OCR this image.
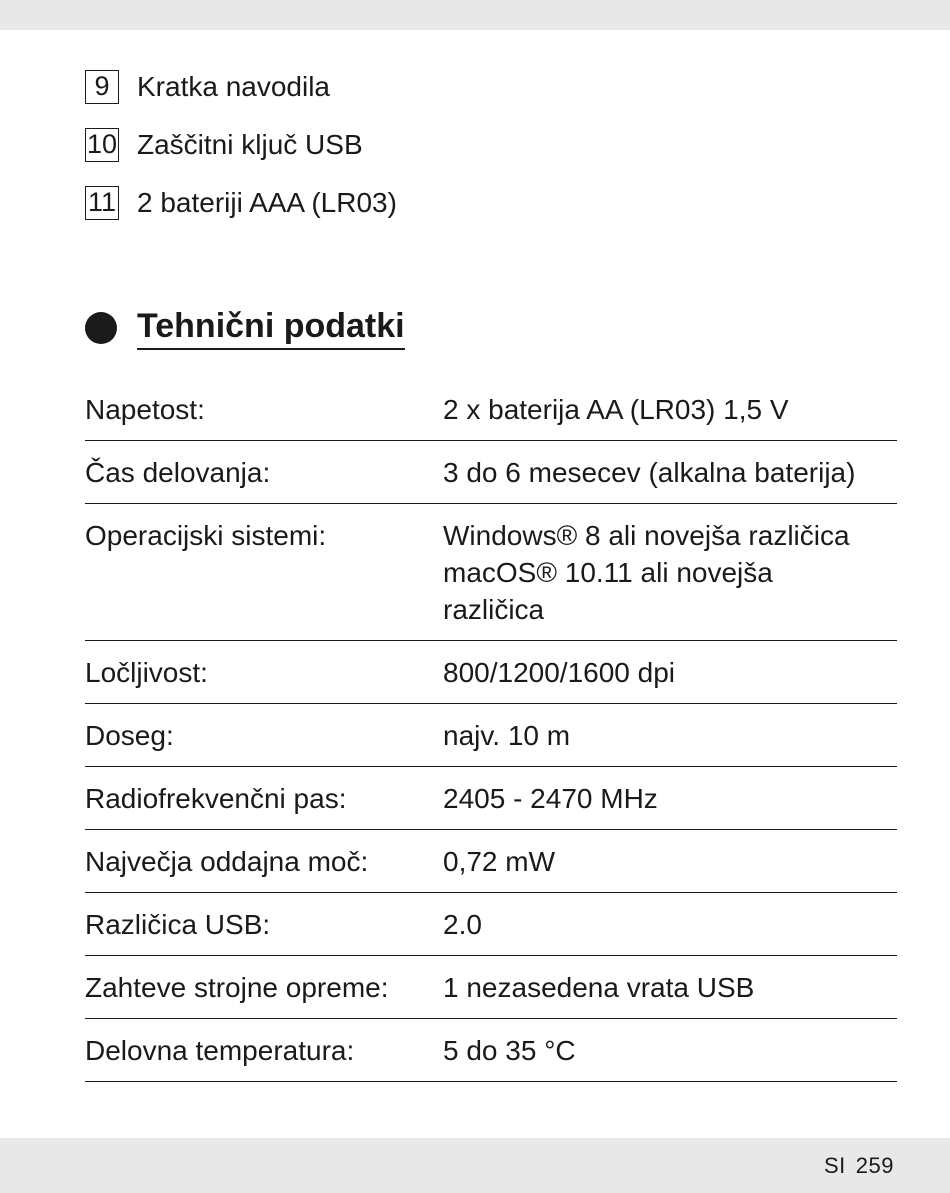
9 Kratka navodila
10 Zaščitni ključ USB
11 2 bateriji AAA (LR03)
Tehnični podatki
Napetost:	2 x baterija AA (LR03) 1,5 V
Čas delovanja:	3 do 6 mesecev (alkalna baterija)
Operacijski sistemi:	Windows® 8 ali novejša različica
macOS® 10.11 ali novejša
različica

Ločljivost:	800/1200/1600 dpi
Doseg:	najv. 10 m
Radiofrekvenčni pas:	2405 - 2470 MHz
Največja oddajna moč:	0,72 mW
Različica USB:	2.0
Zahteve strojne opreme:	1 nezasedena vrata USB
Delovna temperatura:	5 do 35 °C
SI 259
